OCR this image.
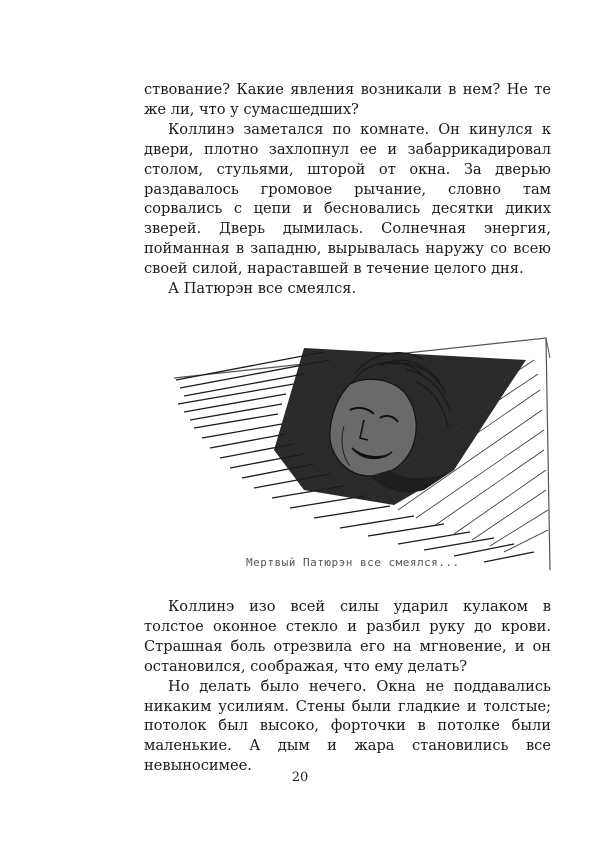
ствование? Какие явления возникали в нем? Не те же ли, что у сумасшедших?

Коллинэ заметался по комнате. Он кинулся к двери, плотно захлопнул ее и забаррикадировал столом, стульями, шторой от окна. За дверью раздавалось громовое рычание, словно там сорвались с цепи и бесновались десятки диких зверей. Дверь дымилась. Солнечная энергия, пойманная в западню, вырывалась наружу со всею своей силой, нараставшей в течение целого дня.

А Патюрэн все смеялся.

Мертвый Патюрэн все смеялся...

Коллинэ изо всей силы ударил кулаком в толстое оконное стекло и разбил руку до крови. Страшная боль отрезвила его на мгновение, и он остановился, соображая, что ему делать?

Но делать было нечего. Окна не поддавались никаким усилиям. Стены были гладкие и толстые; потолок был высоко, форточки в потолке были маленькие. А дым и жара становились все невыносимее.

20
